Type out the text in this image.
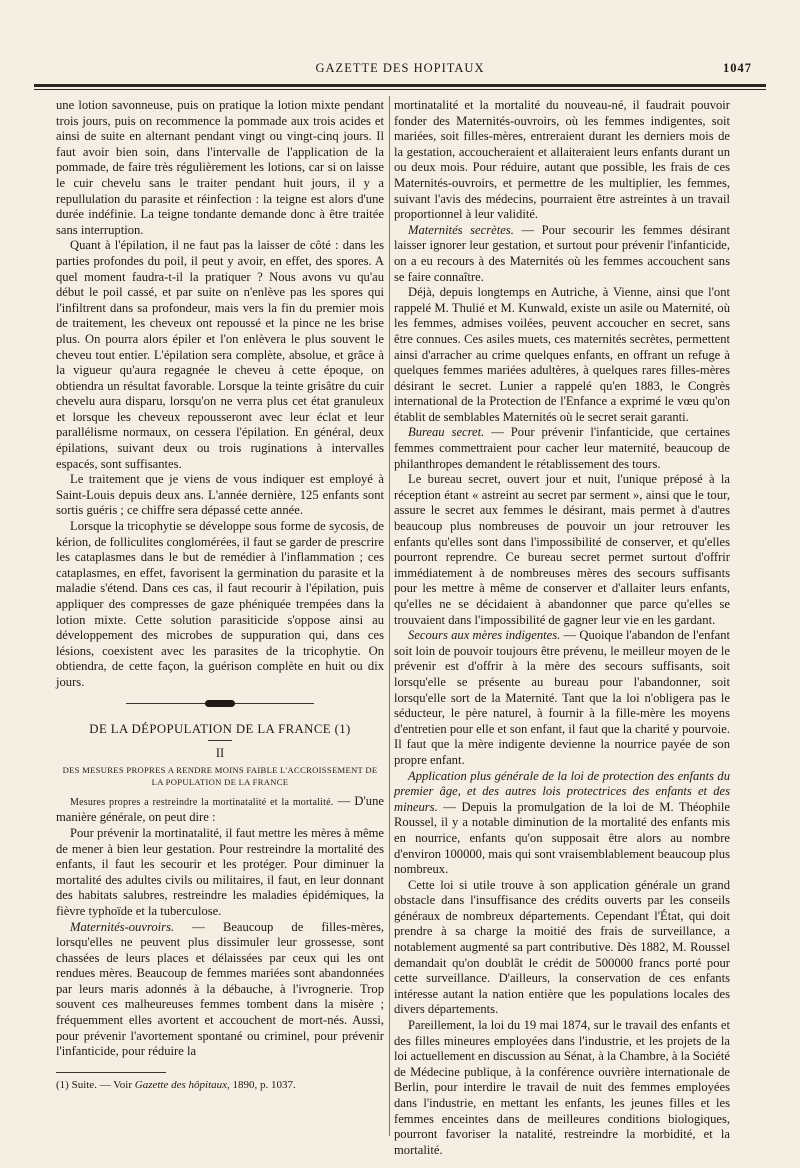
GAZETTE DES HOPITAUX	1047

une lotion savonneuse, puis on pratique la lotion mixte pendant trois jours, puis on recommence la pommade aux trois acides et ainsi de suite en alternant pendant vingt ou vingt-cinq jours. Il faut avoir bien soin, dans l'intervalle de l'application de la pommade, de faire très régulièrement les lotions, car si on laisse le cuir chevelu sans le traiter pendant huit jours, il y a repullulation du parasite et réinfection : la teigne est alors d'une durée indéfinie. La teigne tondante demande donc à être traitée sans interruption.

Quant à l'épilation, il ne faut pas la laisser de côté : dans les parties profondes du poil, il peut y avoir, en effet, des spores. A quel moment faudra-t-il la pratiquer ? Nous avons vu qu'au début le poil cassé, et par suite on n'enlève pas les spores qui l'infiltrent dans sa profondeur, mais vers la fin du premier mois de traitement, les cheveux ont repoussé et la pince ne les brise plus. On pourra alors épiler et l'on enlèvera le plus souvent le cheveu tout entier. L'épilation sera complète, absolue, et grâce à la vigueur qu'aura regagnée le cheveu à cette époque, on obtiendra un résultat favorable. Lorsque la teinte grisâtre du cuir chevelu aura disparu, lorsqu'on ne verra plus cet état granuleux et lorsque les cheveux repousseront avec leur éclat et leur parallélisme normaux, on cessera l'épilation. En général, deux épilations, suivant deux ou trois ruginations à intervalles espacés, sont suffisantes.

Le traitement que je viens de vous indiquer est employé à Saint-Louis depuis deux ans. L'année dernière, 125 enfants sont sortis guéris ; ce chiffre sera dépassé cette année.

Lorsque la tricophytie se développe sous forme de sycosis, de kérion, de folliculites conglomérées, il faut se garder de prescrire les cataplasmes dans le but de remédier à l'inflammation ; ces cataplasmes, en effet, favorisent la germination du parasite et la maladie s'étend. Dans ces cas, il faut recourir à l'épilation, puis appliquer des compresses de gaze phéniquée trempées dans la lotion mixte. Cette solution parasiticide s'oppose ainsi au développement des microbes de suppuration qui, dans ces lésions, coexistent avec les parasites de la tricophytie. On obtiendra, de cette façon, la guérison complète en huit ou dix jours.

DE LA DÉPOPULATION DE LA FRANCE (1)
II
DES MESURES PROPRES A RENDRE MOINS FAIBLE L'ACCROISSEMENT DE LA POPULATION DE LA FRANCE

Mesures propres a restreindre la mortinatalité et la mortalité. — D'une manière générale, on peut dire :

Pour prévenir la mortinatalité, il faut mettre les mères à même de mener à bien leur gestation. Pour restreindre la mortalité des enfants, il faut les secourir et les protéger. Pour diminuer la mortalité des adultes civils ou militaires, il faut, en leur donnant des habitats salubres, restreindre les maladies épidémiques, la fièvre typhoïde et la tuberculose.

Maternités-ouvroirs. — Beaucoup de filles-mères, lorsqu'elles ne peuvent plus dissimuler leur grossesse, sont chassées de leurs places et délaissées par ceux qui les ont rendues mères. Beaucoup de femmes mariées sont abandonnées par leurs maris adonnés à la débauche, à l'ivrognerie. Trop souvent ces malheureuses femmes tombent dans la misère ; fréquemment elles avortent et accouchent de mort-nés. Aussi, pour prévenir l'avortement spontané ou criminel, pour prévenir l'infanticide, pour réduire la

(1) Suite. — Voir Gazette des hôpitaux, 1890, p. 1037.

mortinatalité et la mortalité du nouveau-né, il faudrait pouvoir fonder des Maternités-ouvroirs, où les femmes indigentes, soit mariées, soit filles-mères, entreraient durant les derniers mois de la gestation, accoucheraient et allaiteraient leurs enfants durant un ou deux mois. Pour réduire, autant que possible, les frais de ces Maternités-ouvroirs, et permettre de les multiplier, les femmes, suivant l'avis des médecins, pourraient être astreintes à un travail proportionnel à leur validité.

Maternités secrètes. — Pour secourir les femmes désirant laisser ignorer leur gestation, et surtout pour prévenir l'infanticide, on a eu recours à des Maternités où les femmes accouchent sans se faire connaître.

Déjà, depuis longtemps en Autriche, à Vienne, ainsi que l'ont rappelé M. Thulié et M. Kunwald, existe un asile ou Maternité, où les femmes, admises voilées, peuvent accoucher en secret, sans être connues. Ces asiles muets, ces maternités secrètes, permettent ainsi d'arracher au crime quelques enfants, en offrant un refuge à quelques femmes mariées adultères, à quelques rares filles-mères désirant le secret. Lunier a rappelé qu'en 1883, le Congrès international de la Protection de l'Enfance a exprimé le vœu qu'on établit de semblables Maternités où le secret serait garanti.

Bureau secret. — Pour prévenir l'infanticide, que certaines femmes commettraient pour cacher leur maternité, beaucoup de philanthropes demandent le rétablissement des tours.

Le bureau secret, ouvert jour et nuit, l'unique préposé à la réception étant « astreint au secret par serment », ainsi que le tour, assure le secret aux femmes le désirant, mais permet à d'autres beaucoup plus nombreuses de pouvoir un jour retrouver les enfants qu'elles sont dans l'impossibilité de conserver, et qu'elles pourront reprendre. Ce bureau secret permet surtout d'offrir immédiatement à de nombreuses mères des secours suffisants pour les mettre à même de conserver et d'allaiter leurs enfants, qu'elles ne se décidaient à abandonner que parce qu'elles se trouvaient dans l'impossibilité de gagner leur vie en les gardant.

Secours aux mères indigentes. — Quoique l'abandon de l'enfant soit loin de pouvoir toujours être prévenu, le meilleur moyen de le prévenir est d'offrir à la mère des secours suffisants, soit lorsqu'elle se présente au bureau pour l'abandonner, soit lorsqu'elle sort de la Maternité. Tant que la loi n'obligera pas le séducteur, le père naturel, à fournir à la fille-mère les moyens d'entretien pour elle et son enfant, il faut que la charité y pourvoie. Il faut que la mère indigente devienne la nourrice payée de son propre enfant.

Application plus générale de la loi de protection des enfants du premier âge, et des autres lois protectrices des enfants et des mineurs. — Depuis la promulgation de la loi de M. Théophile Roussel, il y a notable diminution de la mortalité des enfants mis en nourrice, enfants qu'on supposait être alors au nombre d'environ 100000, mais qui sont vraisemblablement beaucoup plus nombreux.

Cette loi si utile trouve à son application générale un grand obstacle dans l'insuffisance des crédits ouverts par les conseils généraux de nombreux départements. Cependant l'État, qui doit prendre à sa charge la moitié des frais de surveillance, a notablement augmenté sa part contributive. Dès 1882, M. Roussel demandait qu'on doublât le crédit de 500000 francs porté pour cette surveillance. D'ailleurs, la conservation de ces enfants intéresse autant la nation entière que les populations locales des divers départements.

Pareillement, la loi du 19 mai 1874, sur le travail des enfants et des filles mineures employées dans l'industrie, et les projets de la loi actuellement en discussion au Sénat, à la Chambre, à la Société de Médecine publique, à la conférence ouvrière internationale de Berlin, pour interdire le travail de nuit des femmes employées dans l'industrie, en mettant les enfants, les jeunes filles et les femmes enceintes dans de meilleures conditions biologiques, pourront favoriser la natalité, restreindre la morbidité, et la mortalité.
